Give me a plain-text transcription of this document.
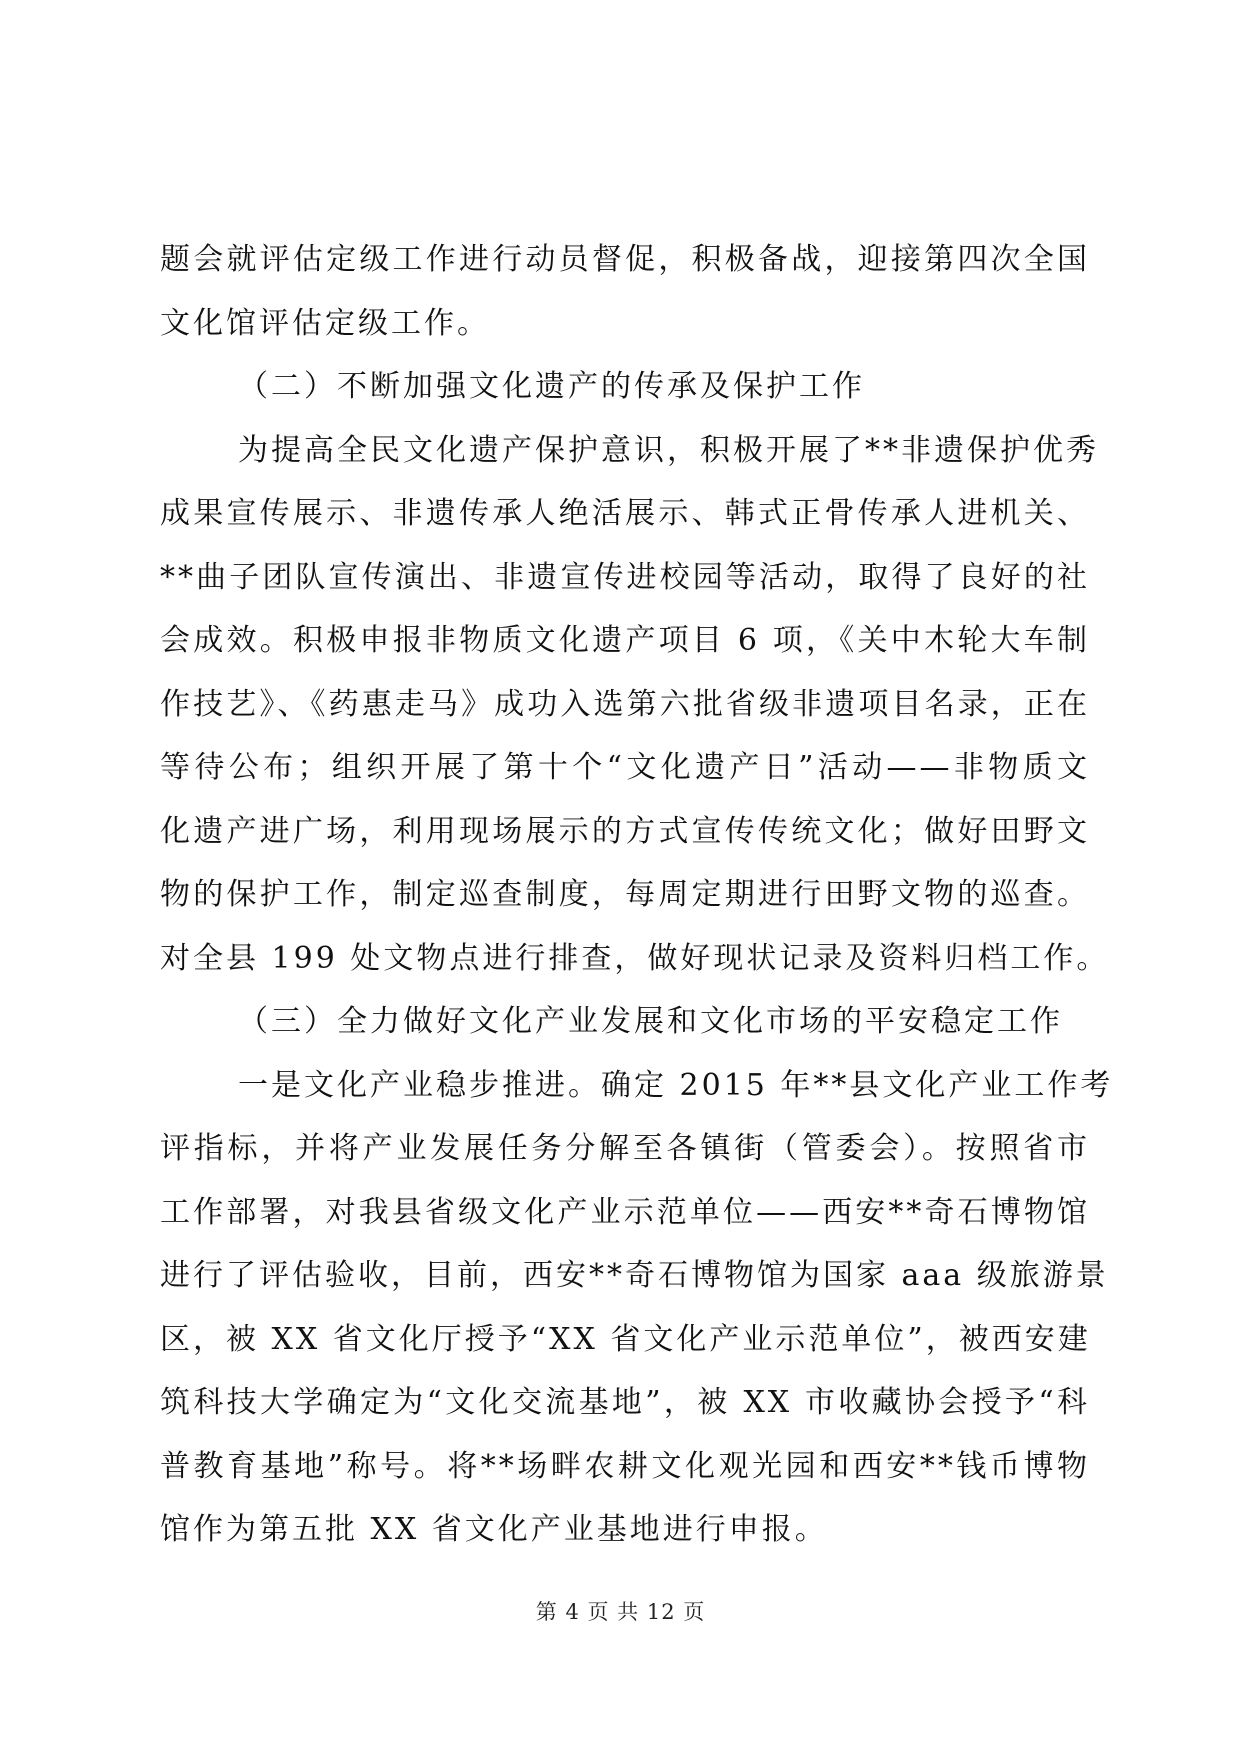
题会就评估定级工作进行动员督促，积极备战，迎接第四次全国
文化馆评估定级工作。
（二）不断加强文化遗产的传承及保护工作
为提高全民文化遗产保护意识，积极开展了**非遗保护优秀
成果宣传展示、非遗传承人绝活展示、韩式正骨传承人进机关、
**曲子团队宣传演出、非遗宣传进校园等活动，取得了良好的社
会成效。积极申报非物质文化遗产项目 6 项，《关中木轮大车制
作技艺》、《药惠走马》成功入选第六批省级非遗项目名录，正在
等待公布；组织开展了第十个“文化遗产日”活动——非物质文
化遗产进广场，利用现场展示的方式宣传传统文化；做好田野文
物的保护工作，制定巡查制度，每周定期进行田野文物的巡查。
对全县 199 处文物点进行排查，做好现状记录及资料归档工作。
（三）全力做好文化产业发展和文化市场的平安稳定工作
一是文化产业稳步推进。确定 2015 年**县文化产业工作考
评指标，并将产业发展任务分解至各镇街（管委会）。按照省市
工作部署，对我县省级文化产业示范单位——西安**奇石博物馆
进行了评估验收，目前，西安**奇石博物馆为国家 aaa 级旅游景
区，被 XX 省文化厅授予“XX 省文化产业示范单位”，被西安建
筑科技大学确定为“文化交流基地”，被 XX 市收藏协会授予“科
普教育基地”称号。将**场畔农耕文化观光园和西安**钱币博物
馆作为第五批 XX 省文化产业基地进行申报。
第 4 页 共 12 页
